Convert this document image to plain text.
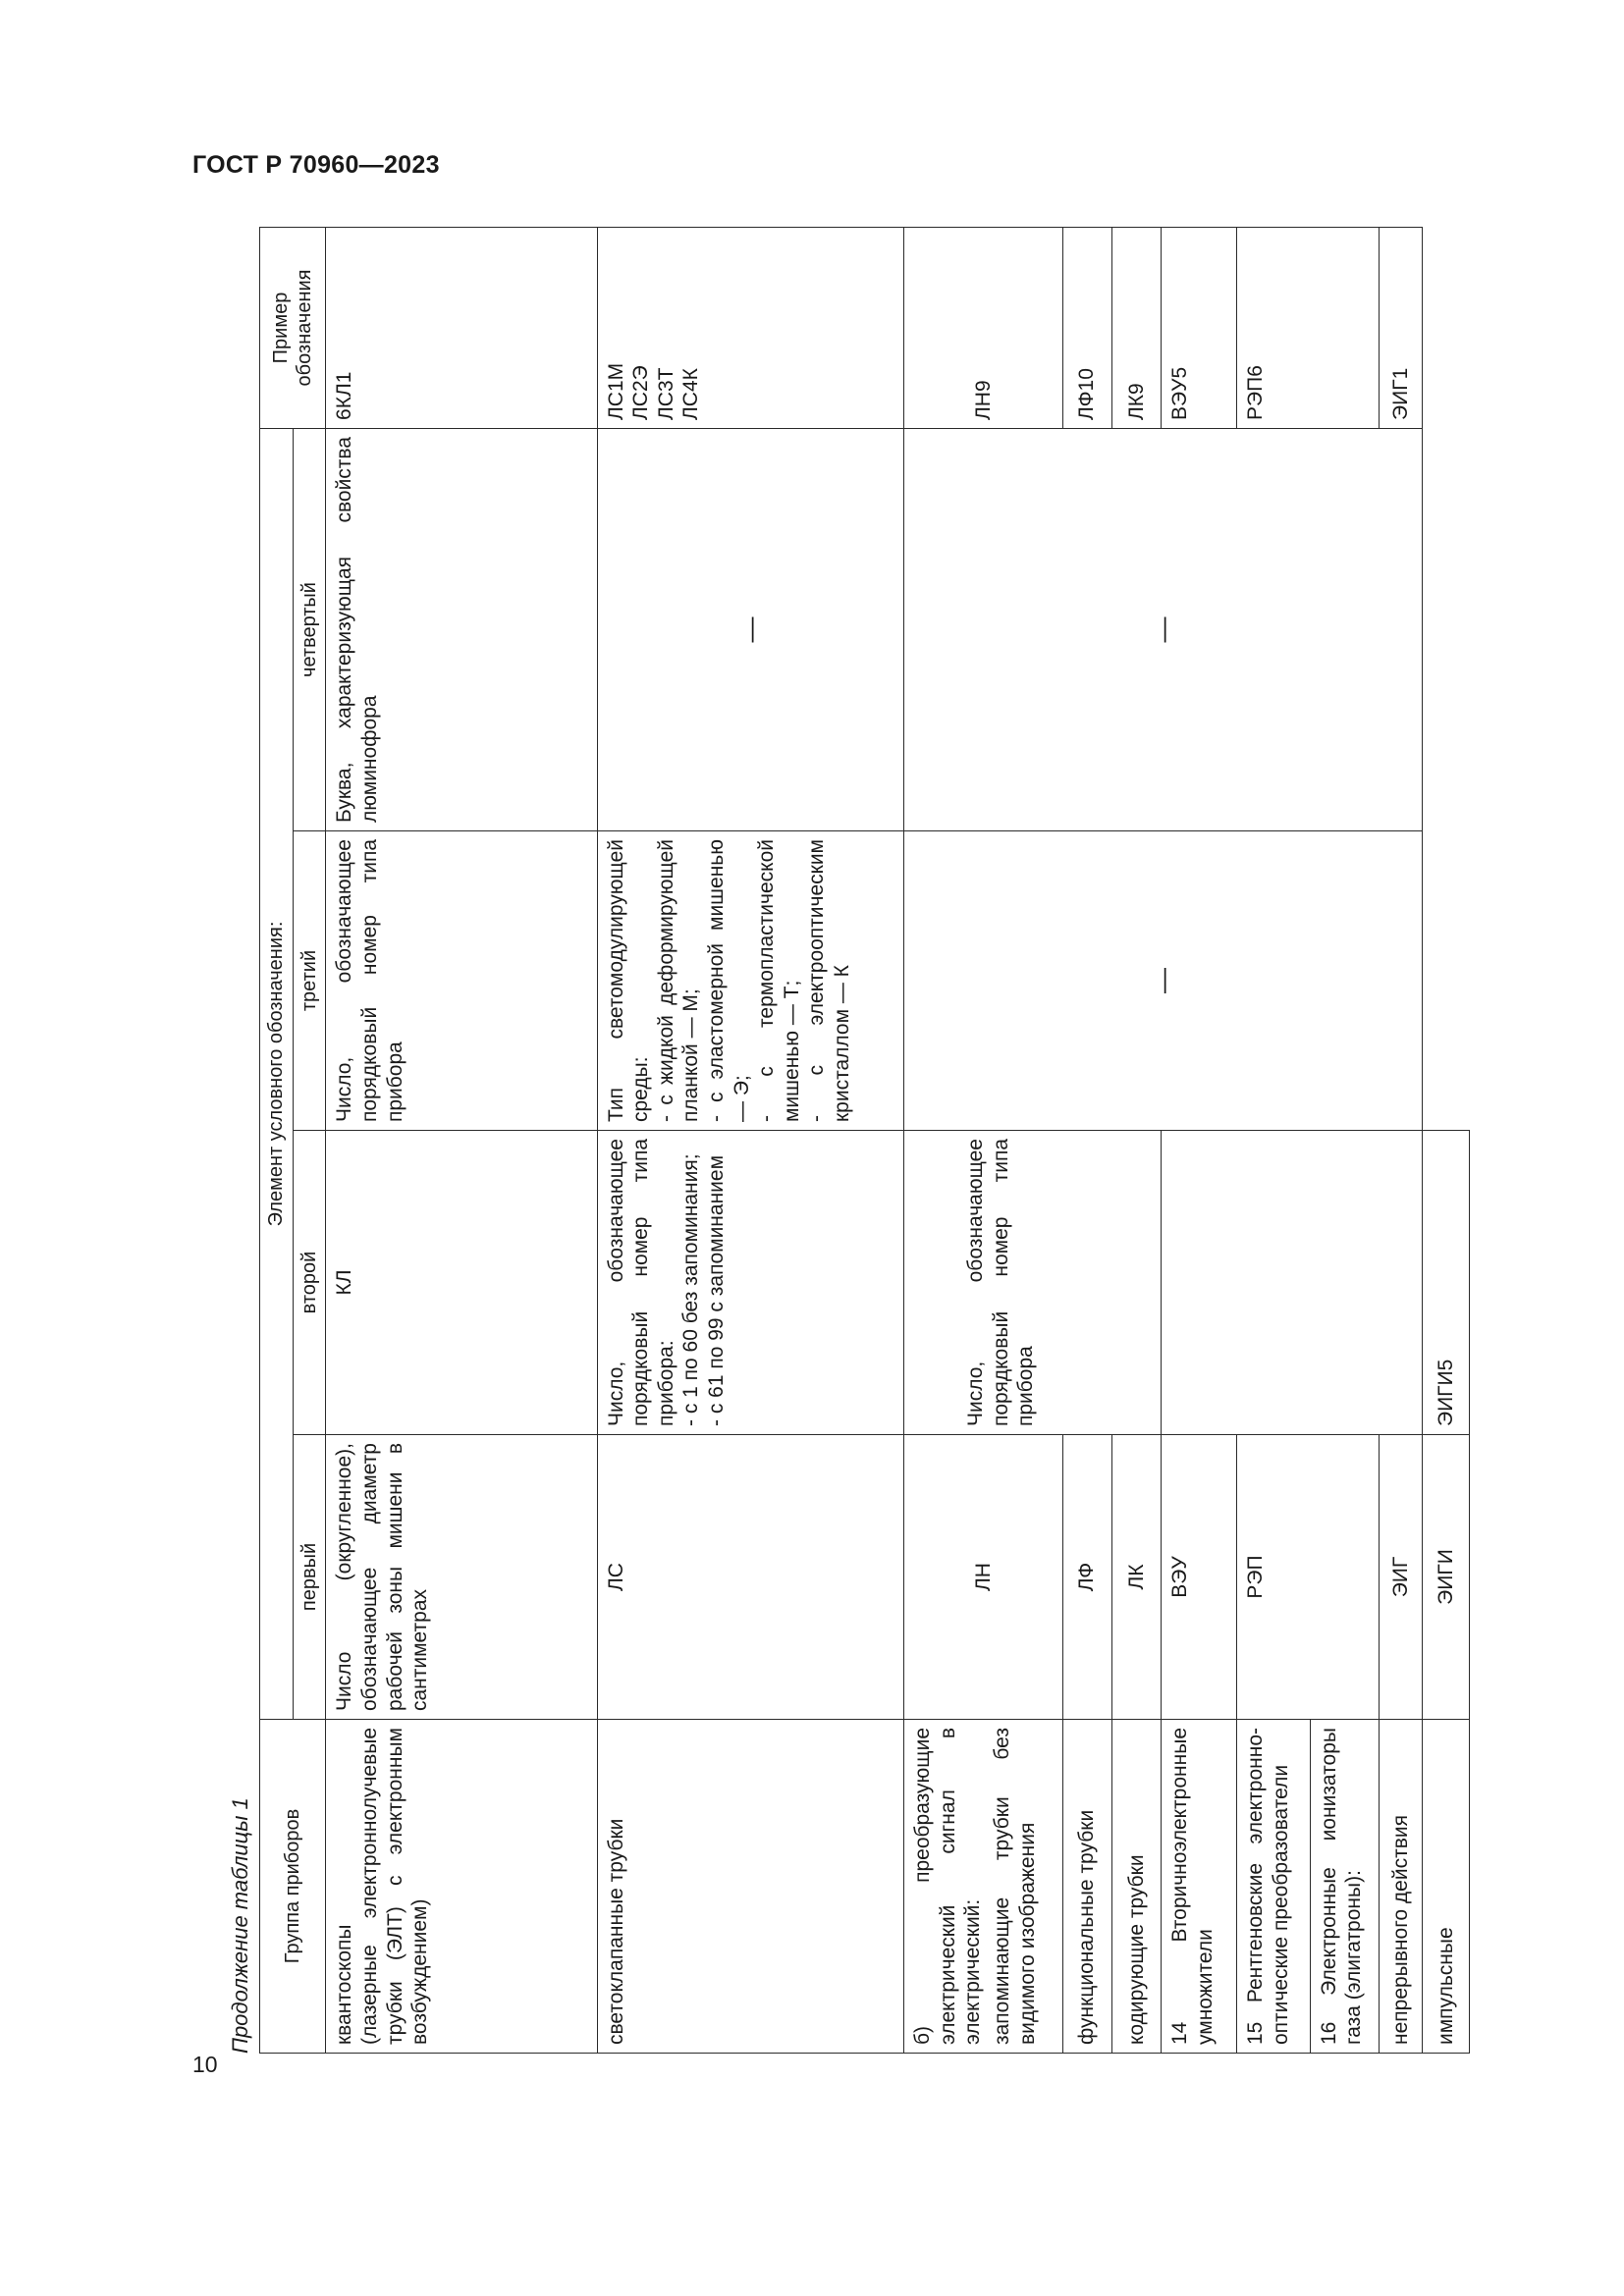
ГОСТ Р 70960—2023
10
Продолжение таблицы 1 Группа приборов	Элемент условного обозначения:				Пример обозначения
	первый	второй	третий	четвертый	

квантоскопы (лазерные электроннолучевые трубки (ЭЛТ) с электронным возбуждением)	Число (округленное), обозначающее диаметр рабочей зоны мишени в сантиметрах	КЛ	Число, обозначающее порядковый номер типа прибора	Буква, характеризующая свойства люминофора	6КЛ1
светоклапанные трубки	ЛС	Число, обозначающее порядковый номер типа прибора: - с 1 по 60 без запоминания; - с 61 по 99 с запоминанием	Тип светомодулирующей среды: - с жидкой деформирующей планкой — М; - с эластомерной мишенью — Э; - с термопластической мишенью — Т; - с электрооптическим кристаллом — К	—	ЛС1М ЛС2Э ЛС3Т ЛС4К

б) преобразующие электрический сигнал в электрический: запоминающие трубки без видимого изображения	ЛН	Число, обозначающее порядковый номер типа прибора	—	—	ЛН9
функциональные трубки	ЛФ				ЛФ10
кодирующие трубки	ЛК				ЛК9
14 Вторичноэлектронные умножители	ВЭУ				ВЭУ5
15 Рентгеновские электронно-оптические преобразователи	РЭП				РЭП6
16 Электронные ионизаторы газа (элигатроны):					
непрерывного действия	ЭИГ				ЭИГ1
импульсные	ЭИГИ	ЭИГИ5			
